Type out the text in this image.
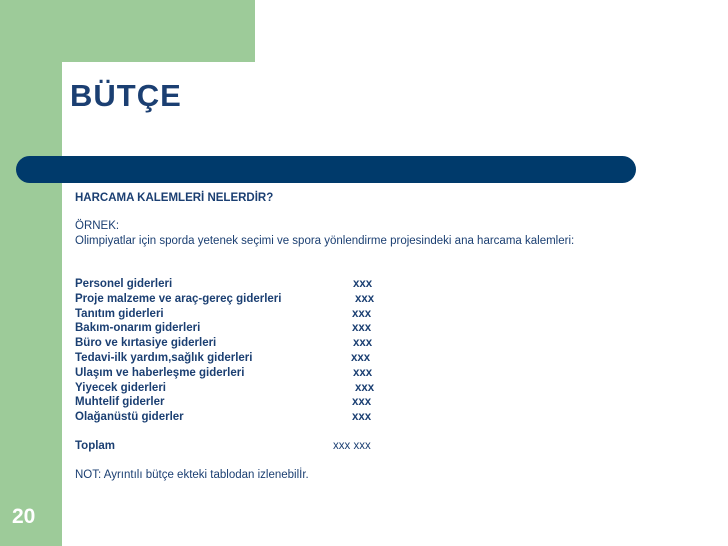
BÜTÇE
HARCAMA KALEMLERİ NELERDİR?
ÖRNEK:
Olimpiyatlar için sporda yetenek seçimi ve spora yönlendirme projesindeki ana harcama kalemleri:
Personel giderleri	xxx
Proje malzeme ve araç-gereç giderleri	xxx
Tanıtım giderleri	xxx
Bakım-onarım giderleri	xxx
Büro ve kırtasiye giderleri	xxx
Tedavi-ilk yardım,sağlık giderleri	xxx
Ulaşım ve haberleşme giderleri	xxx
Yiyecek giderleri	xxx
Muhtelif giderler	xxx
Olağanüstü giderler	xxx
Toplam	xxx xxx
NOT: Ayrıntılı bütçe ekteki tablodan izlenebilİr.
20
